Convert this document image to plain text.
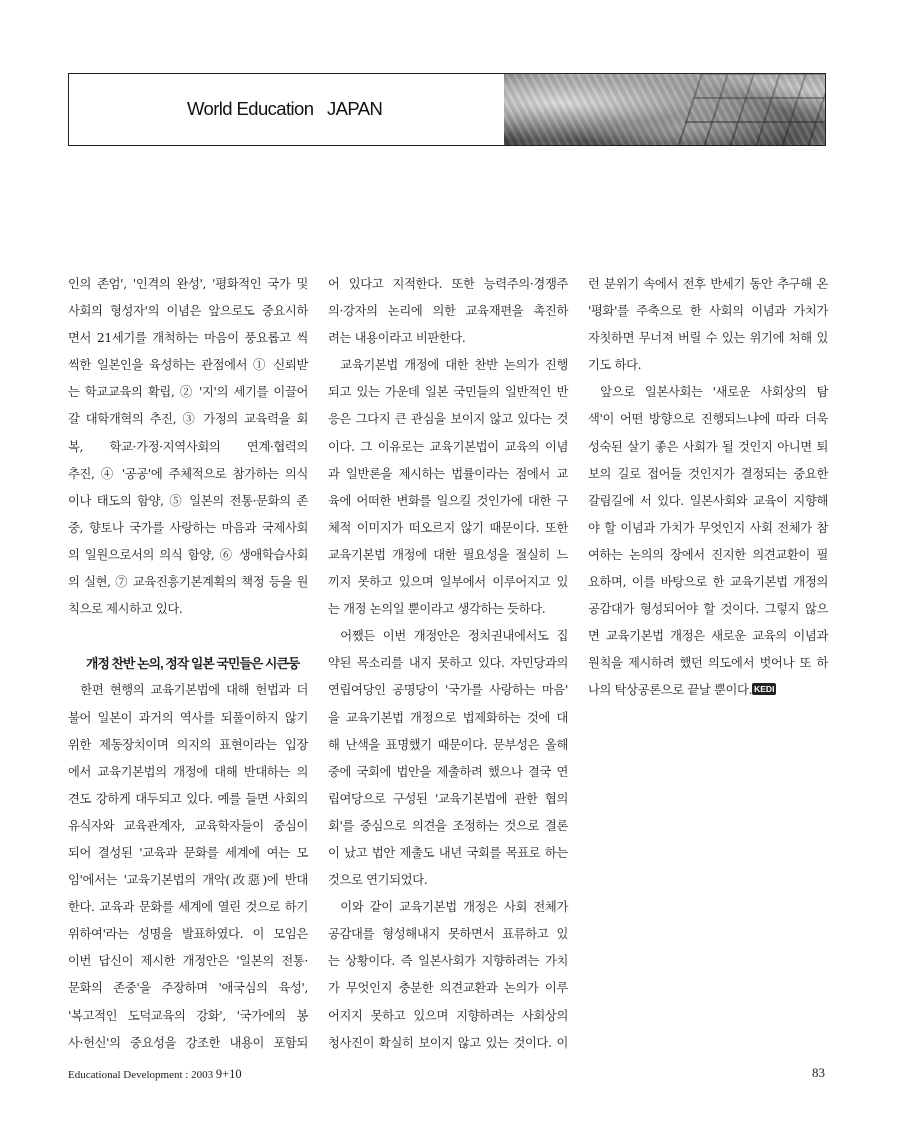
World Education   JAPAN
인의 존엄', '인격의 완성', '평화적인 국가 및
사회의 형성자'의 이념은 앞으로도 중요시하
면서 21세기를 개척하는 마음이 풍요롭고 씩
씩한 일본인을 육성하는 관점에서 ① 신뢰받
는 학교교육의 확립, ② '지'의 세기를 이끌어
갈 대학개혁의 추진, ③ 가정의 교육력을 회
복, 학교·가정·지역사회의 연계·협력의
추진, ④ '공공'에 주체적으로 참가하는 의식
이나 태도의 함양, ⑤ 일본의 전통·문화의 존
중, 향토나 국가를 사랑하는 마음과 국제사회
의 일원으로서의 의식 함양, ⑥ 생애학습사회
의 실현, ⑦ 교육진흥기본계획의 책정 등을 원
칙으로 제시하고 있다.
개정 찬반 논의, 정작 일본 국민들은 시큰둥
한편 현행의 교육기본법에 대해 헌법과 더
불어 일본이 과거의 역사를 되풀이하지 않기
위한 제동장치이며 의지의 표현이라는 입장
에서 교육기본법의 개정에 대해 반대하는 의
견도 강하게 대두되고 있다. 예를 들면 사회의
유식자와 교육관계자, 교육학자들이 중심이
되어 결성된 '교육과 문화를 세계에 여는 모
임'에서는 '교육기본법의 개악(改惡)에 반대
한다. 교육과 문화를 세계에 열린 것으로 하기
위하여'라는 성명을 발표하였다. 이 모임은
이번 답신이 제시한 개정안은 '일본의 전통·
문화의 존중'을 주장하며 '애국심의 육성',
'복고적인 도덕교육의 강화', '국가에의 봉
사·헌신'의 중요성을 강조한 내용이 포함되
어 있다고 지적한다. 또한 능력주의·경쟁주
의·강자의 논리에 의한 교육재편을 촉진하
려는 내용이라고 비판한다.
교육기본법 개정에 대한 찬반 논의가 진행
되고 있는 가운데 일본 국민들의 일반적인 반
응은 그다지 큰 관심을 보이지 않고 있다는 것
이다. 그 이유로는 교육기본법이 교육의 이념
과 일반론을 제시하는 법률이라는 점에서 교
육에 어떠한 변화를 일으킬 것인가에 대한 구
체적 이미지가 떠오르지 않기 때문이다. 또한
교육기본법 개정에 대한 필요성을 절실히 느
끼지 못하고 있으며 일부에서 이루어지고 있
는 개정 논의일 뿐이라고 생각하는 듯하다.
어쨌든 이번 개정안은 정치권내에서도 집
약된 목소리를 내지 못하고 있다. 자민당과의
연립여당인 공명당이 '국가를 사랑하는 마음'
을 교육기본법 개정으로 법제화하는 것에 대
해 난색을 표명했기 때문이다. 문부성은 올해
중에 국회에 법안을 제출하려 했으나 결국 연
립여당으로 구성된 '교육기본법에 관한 협의
회'를 중심으로 의견을 조정하는 것으로 결론
이 났고 법안 제출도 내년 국회를 목표로 하는
것으로 연기되었다.
이와 같이 교육기본법 개정은 사회 전체가
공감대를 형성해내지 못하면서 표류하고 있
는 상황이다. 즉 일본사회가 지향하려는 가치
가 무엇인지 충분한 의견교환과 논의가 이루
어지지 못하고 있으며 지향하려는 사회상의
청사진이 확실히 보이지 않고 있는 것이다. 이
런 분위기 속에서 전후 반세기 동안 추구해 온
'평화'를 주축으로 한 사회의 이념과 가치가
자칫하면 무너져 버릴 수 있는 위기에 처해 있
기도 하다.
앞으로 일본사회는 '새로운 사회상의 탐
색'이 어떤 방향으로 진행되느냐에 따라 더욱
성숙된 살기 좋은 사회가 될 것인지 아니면 퇴
보의 길로 접어들 것인지가 결정되는 중요한
갈림길에 서 있다. 일본사회와 교육이 지향해
야 할 이념과 가치가 무엇인지 사회 전체가 참
여하는 논의의 장에서 진지한 의견교환이 필
요하며, 이를 바탕으로 한 교육기본법 개정의
공감대가 형성되어야 할 것이다. 그렇지 않으
면 교육기본법 개정은 새로운 교육의 이념과
원칙을 제시하려 했던 의도에서 벗어나 또 하
나의 탁상공론으로 끝날 뿐이다. KEDI
Educational Development : 2003 9+10	83
